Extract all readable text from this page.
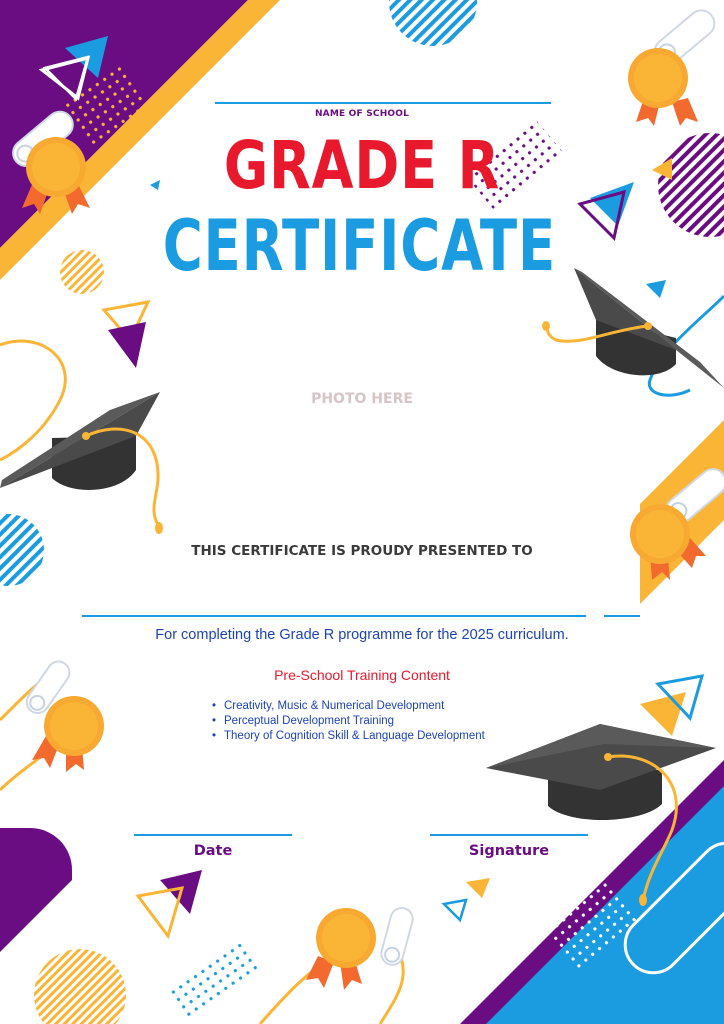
NAME OF SCHOOL
GRADE R
CERTIFICATE
PHOTO HERE
THIS CERTIFICATE IS PROUDY PRESENTED TO
For completing the Grade R programme for the 2025 curriculum.
Pre-School Training Content
• Creativity, Music & Numerical Development
• Perceptual Development Training
• Theory of Cognition Skill & Language Development
Date	Signature
